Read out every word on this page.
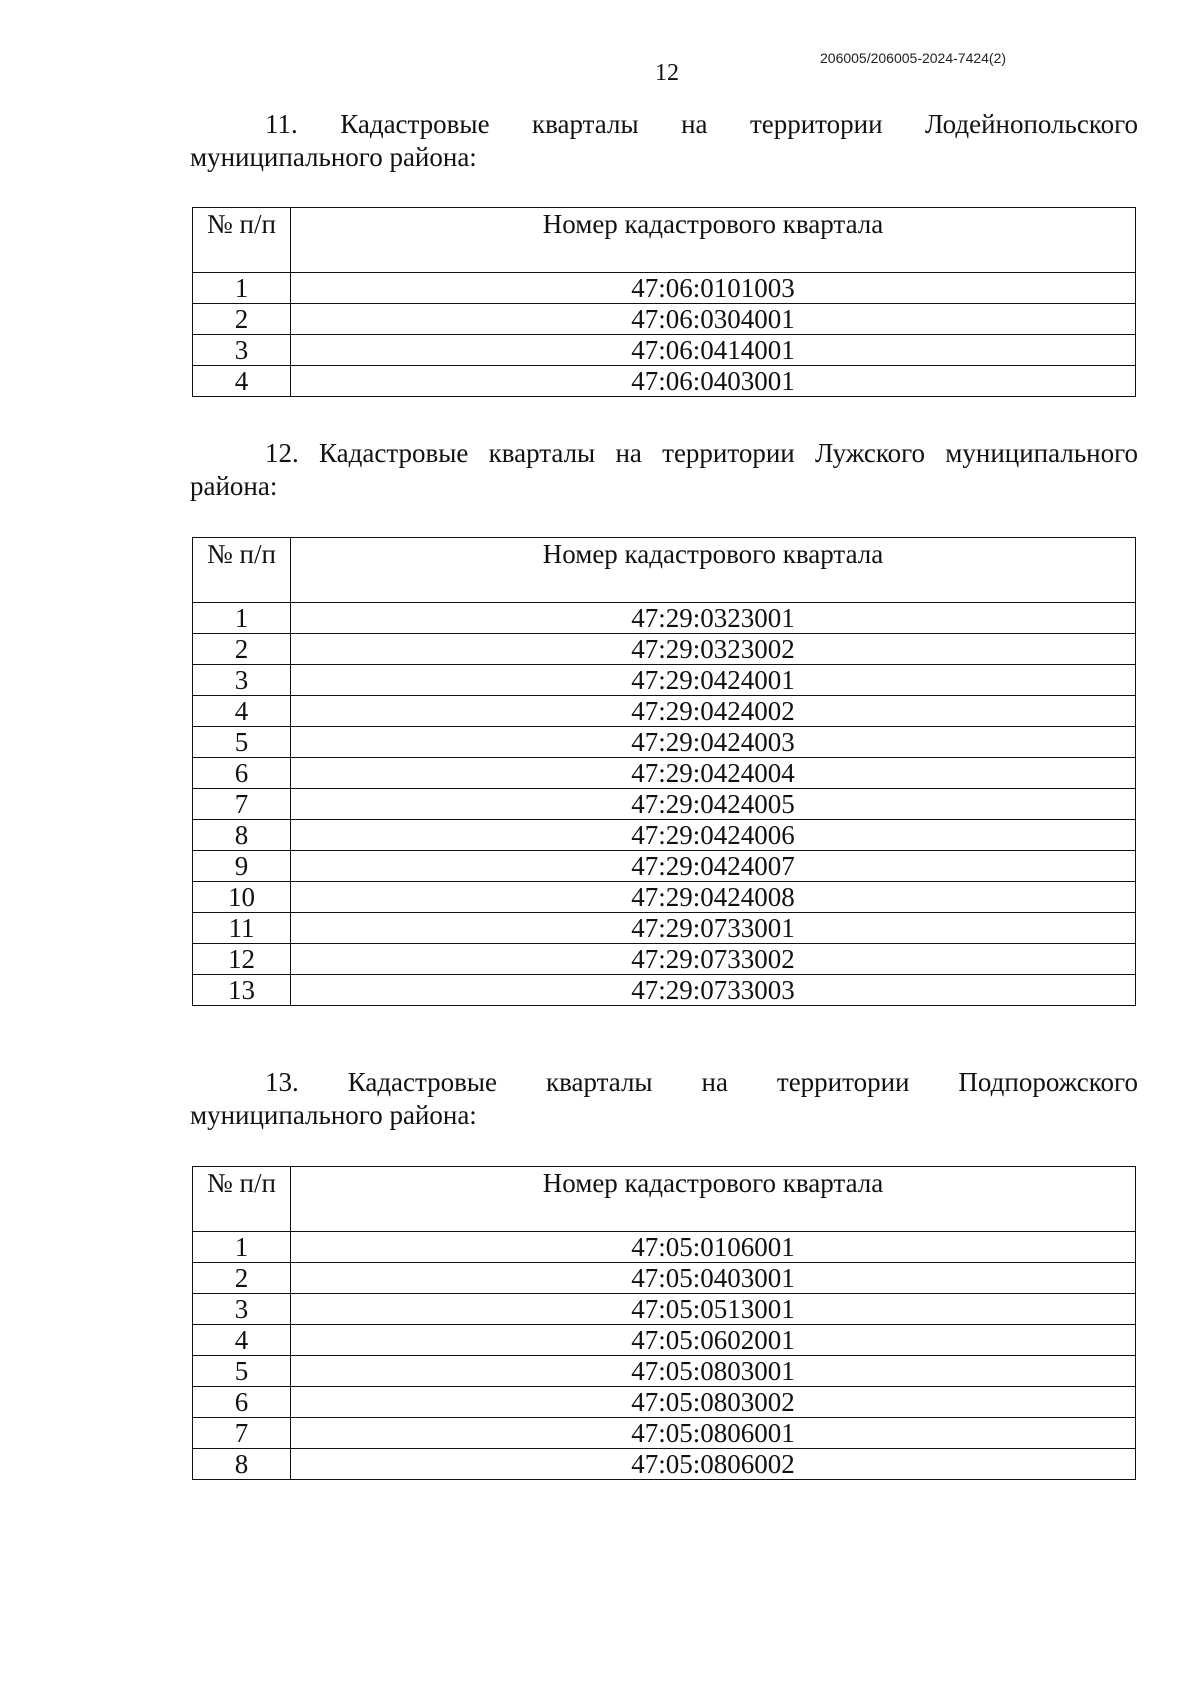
206005/206005-2024-7424(2)
12
11. Кадастровые кварталы на территории Лодейнопольского
муниципального района:
№ п/п	Номер кадастрового квартала
1	47:06:0101003
2	47:06:0304001
3	47:06:0414001
4	47:06:0403001
12. Кадастровые кварталы на территории Лужского муниципального
района:
№ п/п	Номер кадастрового квартала
1	47:29:0323001
2	47:29:0323002
3	47:29:0424001
4	47:29:0424002
5	47:29:0424003
6	47:29:0424004
7	47:29:0424005
8	47:29:0424006
9	47:29:0424007
10	47:29:0424008
11	47:29:0733001
12	47:29:0733002
13	47:29:0733003
13. Кадастровые кварталы на территории Подпорожского
муниципального района:
№ п/п	Номер кадастрового квартала
1	47:05:0106001
2	47:05:0403001
3	47:05:0513001
4	47:05:0602001
5	47:05:0803001
6	47:05:0803002
7	47:05:0806001
8	47:05:0806002
